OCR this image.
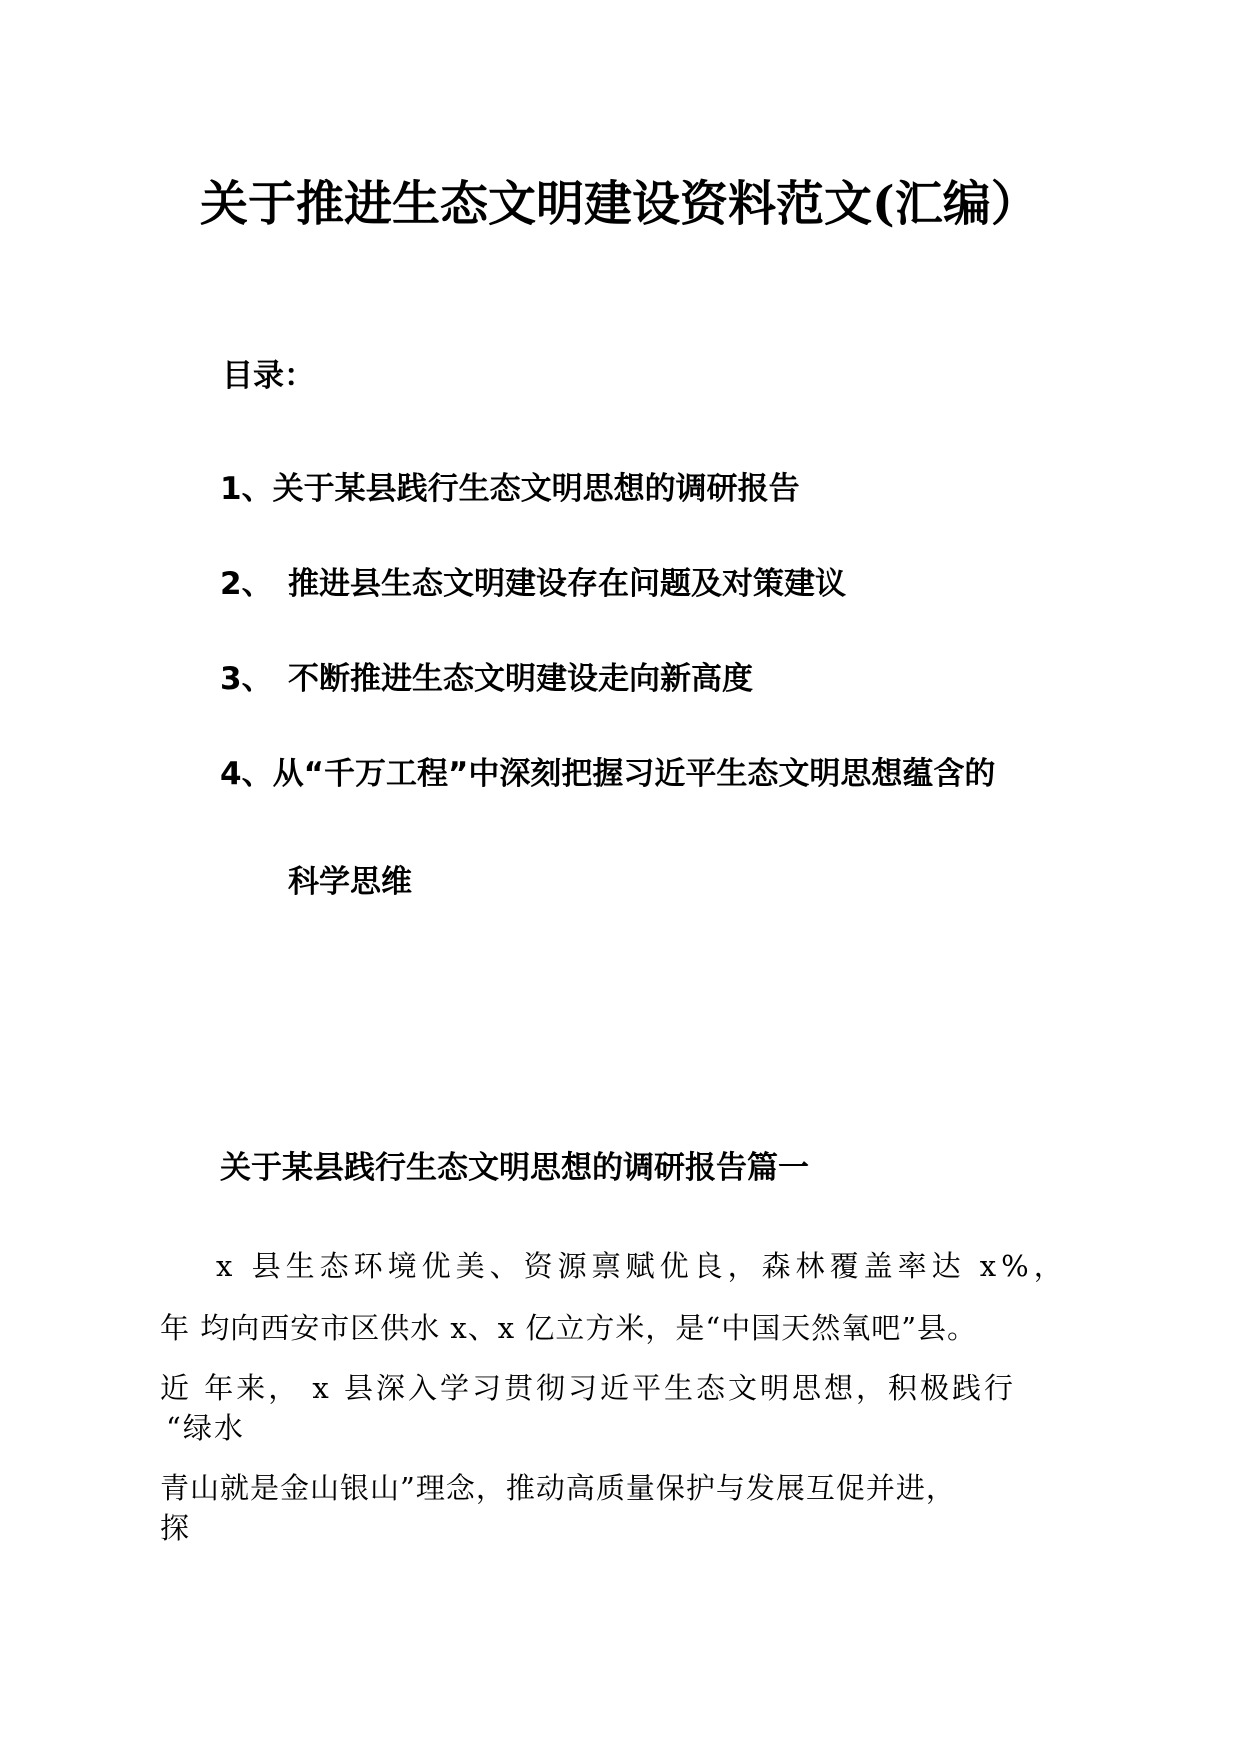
关于推进生态文明建设资料范文(汇编）
目录：
1、关于某县践行生态文明思想的调研报告
2、 推进县生态文明建设存在问题及对策建议
3、 不断推进生态文明建设走向新高度
4、从“千万工程”中深刻把握习近平生态文明思想蕴含的
科学思维
关于某县践行生态文明思想的调研报告篇一
x 县生态环境优美、资源禀赋优良，森林覆盖率达 x%，
年 均向西安市区供水 x、x 亿立方米，是“中国天然氧吧”县。
近 年来， x 县深入学习贯彻习近平生态文明思想，积极践行
“绿水
青山就是金山银山”理念，推动高质量保护与发展互促并进，
探
